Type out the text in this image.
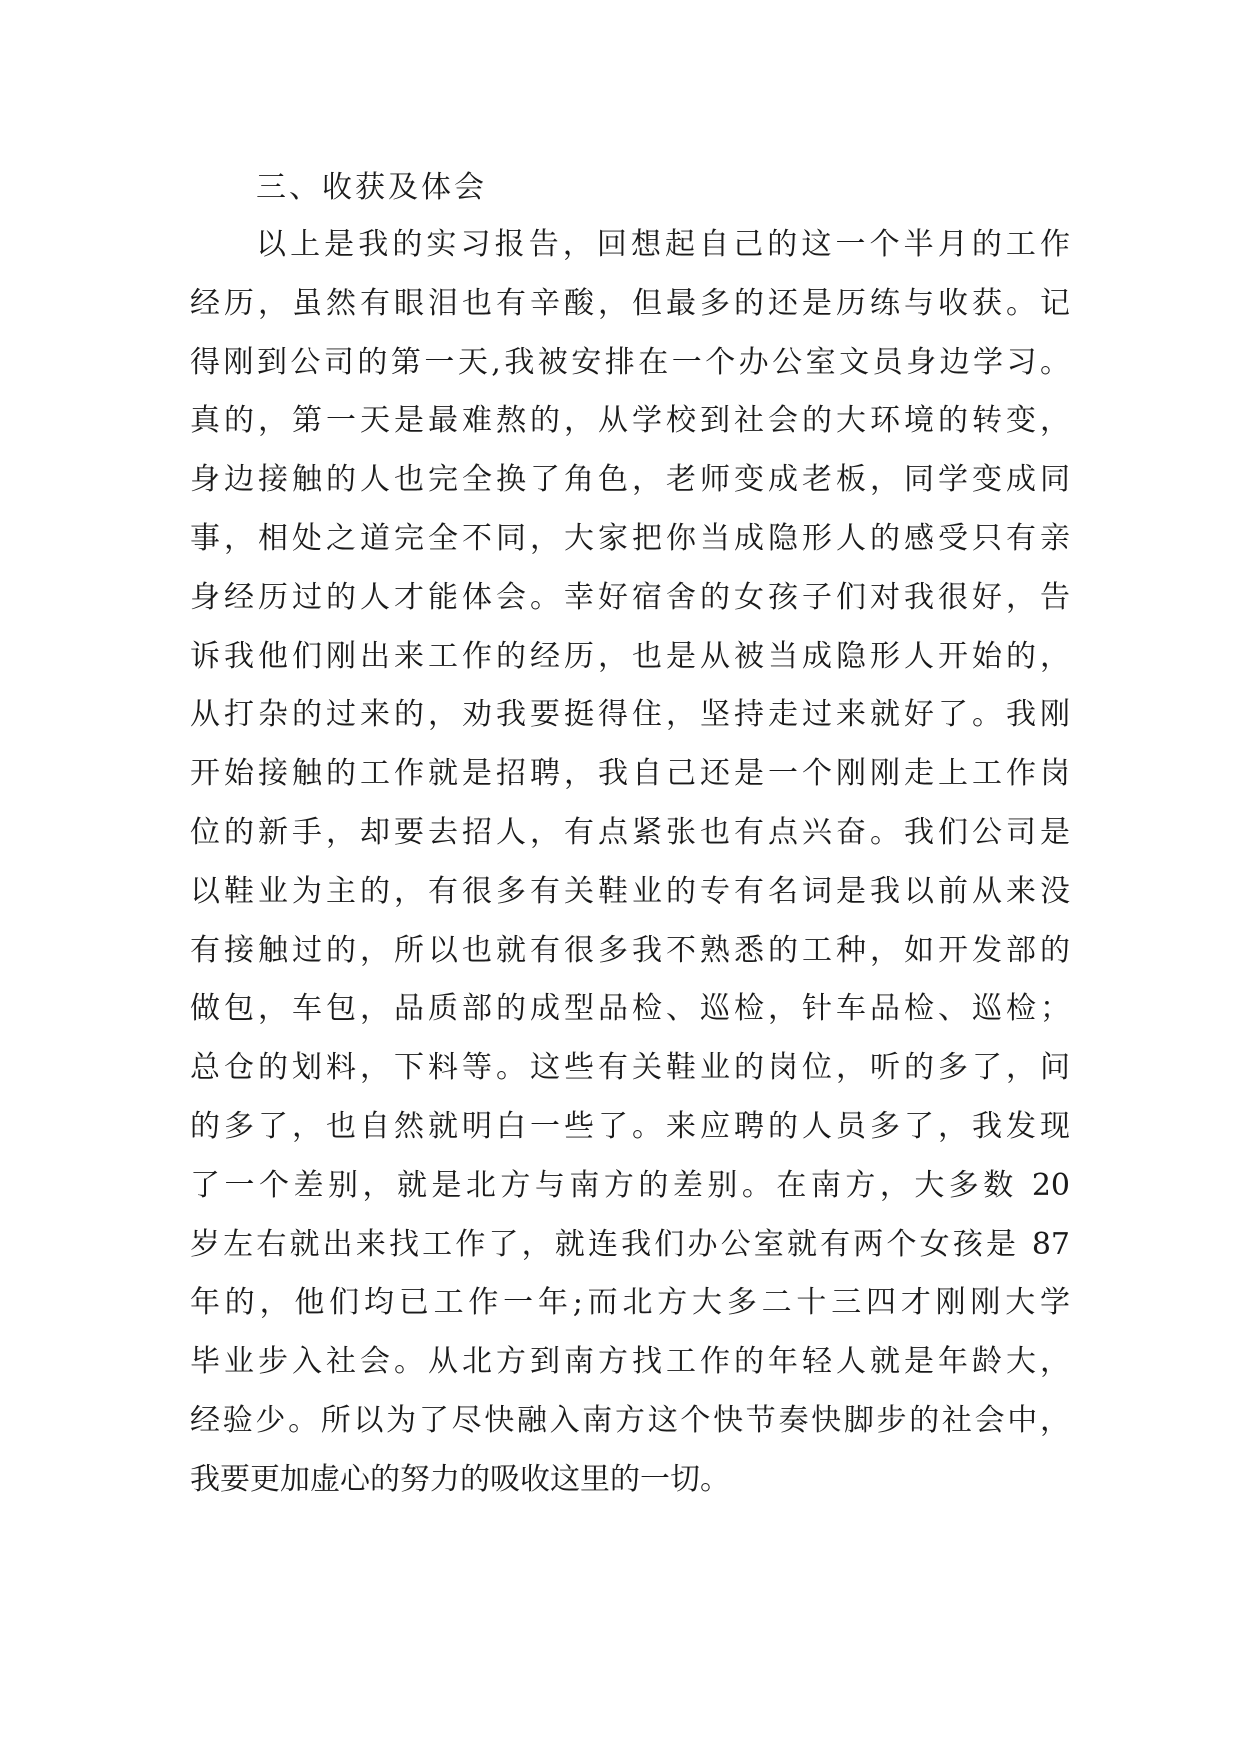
三、收获及体会
以上是我的实习报告，回想起自己的这一个半月的工作
经历，虽然有眼泪也有辛酸，但最多的还是历练与收获。记
得刚到公司的第一天,我被安排在一个办公室文员身边学习。
真的，第一天是最难熬的，从学校到社会的大环境的转变，
身边接触的人也完全换了角色，老师变成老板，同学变成同
事，相处之道完全不同，大家把你当成隐形人的感受只有亲
身经历过的人才能体会。幸好宿舍的女孩子们对我很好，告
诉我他们刚出来工作的经历，也是从被当成隐形人开始的，
从打杂的过来的，劝我要挺得住，坚持走过来就好了。我刚
开始接触的工作就是招聘，我自己还是一个刚刚走上工作岗
位的新手，却要去招人，有点紧张也有点兴奋。我们公司是
以鞋业为主的，有很多有关鞋业的专有名词是我以前从来没
有接触过的，所以也就有很多我不熟悉的工种，如开发部的
做包，车包，品质部的成型品检、巡检，针车品检、巡检；
总仓的划料，下料等。这些有关鞋业的岗位，听的多了，问
的多了，也自然就明白一些了。来应聘的人员多了，我发现
了一个差别，就是北方与南方的差别。在南方，大多数 20
岁左右就出来找工作了，就连我们办公室就有两个女孩是 87
年的，他们均已工作一年;而北方大多二十三四才刚刚大学
毕业步入社会。从北方到南方找工作的年轻人就是年龄大，
经验少。所以为了尽快融入南方这个快节奏快脚步的社会中，
我要更加虚心的努力的吸收这里的一切。
